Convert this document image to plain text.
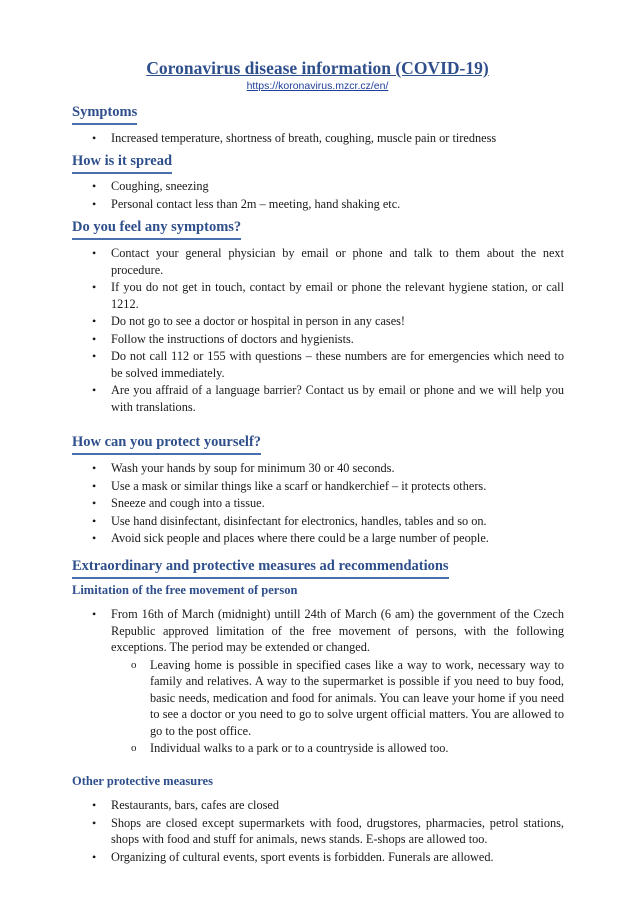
Coronavirus disease information (COVID-19)
https://koronavirus.mzcr.cz/en/
Symptoms
• Increased temperature, shortness of breath, coughing, muscle pain or tiredness
How is it spread
• Coughing, sneezing
• Personal contact less than 2m – meeting, hand shaking etc.
Do you feel any symptoms?
• Contact your general physician by email or phone and talk to them about the next procedure.
• If you do not get in touch, contact by email or phone the relevant hygiene station, or call 1212.
• Do not go to see a doctor or hospital in person in any cases!
• Follow the instructions of doctors and hygienists.
• Do not call 112 or 155 with questions – these numbers are for emergencies which need to be solved immediately.
• Are you affraid of a language barrier? Contact us by email or phone and we will help you with translations.
How can you protect yourself?
• Wash your hands by soup for minimum 30 or 40 seconds.
• Use a mask or similar things like a scarf or handkerchief – it protects others.
• Sneeze and cough into a tissue.
• Use hand disinfectant, disinfectant for electronics, handles, tables and so on.
• Avoid sick people and places where there could be a large number of people.
Extraordinary and protective measures ad recommendations
Limitation of the free movement of person
• From 16th of March (midnight) untill 24th of March (6 am) the government of the Czech Republic approved limitation of the free movement of persons, with the following exceptions. The period may be extended or changed.
o Leaving home is possible in specified cases like a way to work, necessary way to family and relatives. A way to the supermarket is possible if you need to buy food, basic needs, medication and food for animals. You can leave your home if you need to see a doctor or you need to go to solve urgent official matters. You are allowed to go to the post office.
o Individual walks to a park or to a countryside is allowed too.
Other protective measures
• Restaurants, bars, cafes are closed
• Shops are closed except supermarkets with food, drugstores, pharmacies, petrol stations, shops with food and stuff for animals, news stands. E-shops are allowed too.
• Organizing of cultural events, sport events is forbidden. Funerals are allowed.
